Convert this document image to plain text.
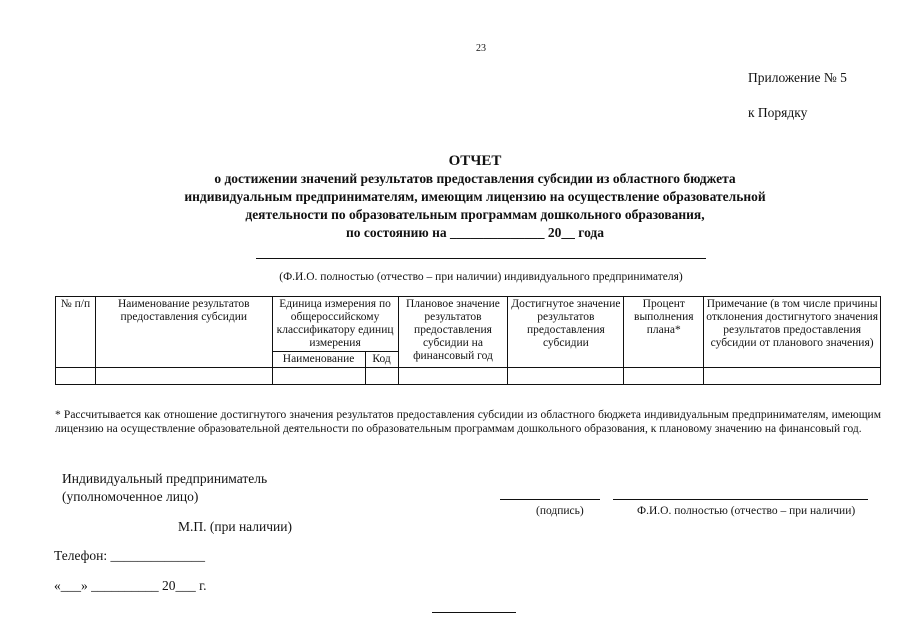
23
Приложение № 5
к Порядку
ОТЧЕТ
о достижении значений результатов предоставления субсидии из областного бюджета
индивидуальным предпринимателям, имеющим лицензию на осуществление образовательной
деятельности по образовательным программам дошкольного образования,
по состоянию на ______________ 20__ года
(Ф.И.О. полностью (отчество – при наличии) индивидуального предпринимателя)
№ п/п	Наименование результатов предоставления субсидии	Единица измерения по общероссийскому классификатору единиц измерения		Плановое значение результатов предоставления субсидии на финансовый год	Достигнутое значение результатов предоставления субсидии	Процент выполнения плана*	Примечание (в том числе причины отклонения достигнутого значения результатов предоставления субсидии от планового значения)
		Наименование	Код				

* Рассчитывается как отношение достигнутого значения результатов предоставления субсидии из областного бюджета индивидуальным предпринимателям, имеющим лицензию на осуществление образовательной деятельности по образовательным программам дошкольного образования, к плановому значению на финансовый год.
Индивидуальный предприниматель
(уполномоченное лицо)
(подпись)	Ф.И.О. полностью (отчество – при наличии)
М.П. (при наличии)
Телефон: ______________
«___» __________ 20___ г.
